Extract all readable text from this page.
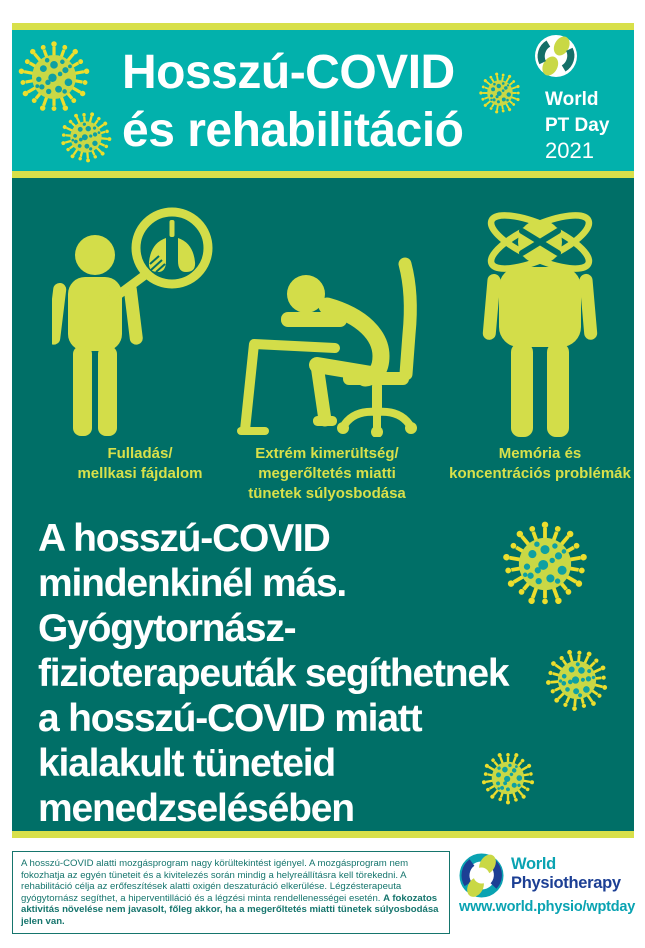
Hosszú-COVID
és rehabilitáció
World
PT Day
2021
Fulladás/
mellkasi fájdalom
Extrém kimerültség/
megerőltetés miatti
tünetek súlyosbodása
Memória és
koncentrációs problémák
A hosszú-COVID
mindenkinél más.
Gyógytornász-
fizioterapeuták segíthetnek
a hosszú-COVID miatt
kialakult tüneteid
menedzselésében
A hosszú-COVID alatti mozgásprogram nagy körültekintést igényel. A mozgásprogram nem fokozhatja az egyén tüneteit és a kivitelezés során mindig a helyreállításra kell törekedni. A rehabilitáció célja az erőfeszítések alatti oxigén deszaturáció elkerülése. Légzésterapeuta gyógytornász segíthet, a hiperventilláció és a légzési minta rendellenességei esetén. A fokozatos aktivitás növelése nem javasolt, főleg akkor, ha a megerőltetés miatti tünetek súlyosbodása jelen van.
World
Physiotherapy
www.world.physio/wptday
